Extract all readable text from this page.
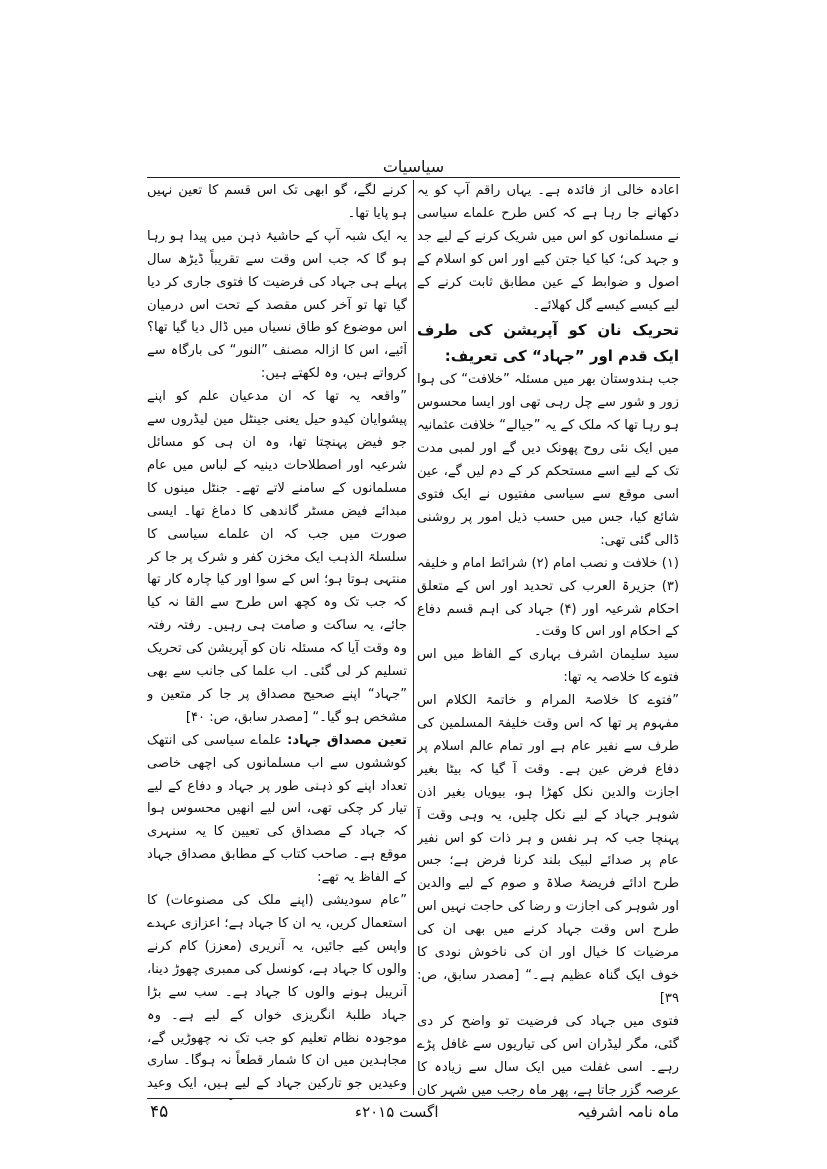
سیاسیات

اعادہ خالی از فائدہ ہے۔ یہاں راقم آپ کو یہ دکھانے جا رہا ہے کہ کس طرح علماے سیاسی نے مسلمانوں کو اس میں شریک کرنے کے لیے جد و جہد کی؛ کیا کیا جتن کیے اور اس کو اسلام کے اصول و ضوابط کے عین مطابق ثابت کرنے کے لیے کیسے کیسے گل کھلائے۔

تحریک نان کو آپریشن کی طرف ایک قدم اور ”جہاد“ کی تعریف:

جب ہندوستان بھر میں مسئلہ ”خلافت“ کی ہوا زور و شور سے چل رہی تھی اور ایسا محسوس ہو رہا تھا کہ ملک کے یہ ”جیالے“ خلافت عثمانیہ میں ایک نئی روح پھونک دیں گے اور لمبی مدت تک کے لیے اسے مستحکم کر کے دم لیں گے، عین اسی موقع سے سیاسی مفتیوں نے ایک فتوی شائع کیا، جس میں حسب ذیل امور پر روشنی ڈالی گئی تھی:

(۱) خلافت و نصب امام (۲) شرائط امام و خلیفہ (۳) جزیرۃ العرب کی تحدید اور اس کے متعلق احکام شرعیہ اور (۴) جہاد کی اہم قسم دفاع کے احکام اور اس کا وقت۔

سید سلیمان اشرف بہاری کے الفاظ میں اس فتوے کا خلاصہ یہ تھا:

”فتوے کا خلاصۃ المرام و خاتمۃ الکلام اس مفہوم پر تھا کہ اس وقت خلیفۃ المسلمین کی طرف سے نفیر عام ہے اور تمام عالم اسلام پر دفاع فرض عین ہے۔ وقت آ گیا کہ بیٹا بغیر اجازت والدین نکل کھڑا ہو، بیویاں بغیر اذن شوہر جہاد کے لیے نکل چلیں، یہ وہی وقت آ پہنچا جب کہ ہر نفس و ہر ذات کو اس نفیر عام پر صدائے لبیک بلند کرنا فرض ہے؛ جس طرح ادائے فریضۂ صلاۃ و صوم کے لیے والدین اور شوہر کی اجازت و رضا کی حاجت نہیں اس طرح اس وقت جہاد کرنے میں بھی ان کی مرضیات کا خیال اور ان کی ناخوش نودی کا خوف ایک گناہ عظیم ہے۔“ [مصدر سابق، ص: ۳۹]

فتوی میں جہاد کی فرضیت تو واضح کر دی گئی، مگر لیڈران اس کی تیاریوں سے غافل پڑے رہے۔ اسی غفلت میں ایک سال سے زیادہ کا عرصہ گزر جاتا ہے، پھر ماہ رجب میں شہر کان

کرنے لگے، گو ابھی تک اس قسم کا تعین نہیں ہو پایا تھا۔

یہ ایک شبہ آپ کے حاشیۂ ذہن میں پیدا ہو رہا ہو گا کہ جب اس وقت سے تقریباً ڈیڑھ سال پہلے ہی جہاد کی فرضیت کا فتوی جاری کر دیا گیا تھا تو آخر کس مقصد کے تحت اس درمیان اس موضوع کو طاق نسیاں میں ڈال دیا گیا تھا؟ آئیے، اس کا ازالہ مصنف ”النور“ کی بارگاہ سے کرواتے ہیں، وہ لکھتے ہیں:

”واقعہ یہ تھا کہ ان مدعیان علم کو اپنے پیشوایان کیدو حیل یعنی جینٹل مین لیڈروں سے جو فیض پہنچتا تھا، وہ ان ہی کو مسائل شرعیہ اور اصطلاحات دینیہ کے لباس میں عام مسلمانوں کے سامنے لاتے تھے۔ جنٹل مینوں کا مبدائے فیض مسٹر گاندھی کا دماغ تھا۔ ایسی صورت میں جب کہ ان علماے سیاسی کا سلسلۃ الذہب ایک مخزن کفر و شرک پر جا کر منتہی ہوتا ہو؛ اس کے سوا اور کیا چارہ کار تھا کہ جب تک وہ کچھ اس طرح سے القا نہ کیا جائے، یہ ساکت و صامت ہی رہیں۔ رفتہ رفتہ وہ وقت آیا کہ مسئلہ نان کو آپریشن کی تحریک تسلیم کر لی گئی۔ اب علما کی جانب سے بھی ”جہاد“ اپنے صحیح مصداق پر جا کر متعین و مشخص ہو گیا۔“ [مصدر سابق، ص: ۴۰]

تعین مصداق جہاد: علماے سیاسی کی انتھک کوششوں سے اب مسلمانوں کی اچھی خاصی تعداد اپنے کو ذہنی طور پر جہاد و دفاع کے لیے تیار کر چکی تھی، اس لیے انھیں محسوس ہوا کہ جہاد کے مصداق کی تعیین کا یہ سنہری موقع ہے۔ صاحب کتاب کے مطابق مصداق جہاد کے الفاظ یہ تھے:

”عام سودیشی (اپنے ملک کی مصنوعات) کا استعمال کریں، یہ ان کا جہاد ہے؛ اعزازی عہدے واپس کیے جائیں، یہ آنریری (معزز) کام کرنے والوں کا جہاد ہے، کونسل کی ممبری چھوڑ دینا، آنریبل ہونے والوں کا جہاد ہے۔ سب سے بڑا جہاد طلبۂ انگریزی خواں کے لیے ہے۔ وہ موجودہ نظام تعلیم کو جب تک نہ چھوڑیں گے، مجاہدین میں ان کا شمار قطعاً نہ ہوگا۔ ساری وعیدیں جو تارکین جہاد کے لیے ہیں، ایک وعید

ماہ نامہ اشرفیہ
اگست ۲۰۱۵ء
۴۵
